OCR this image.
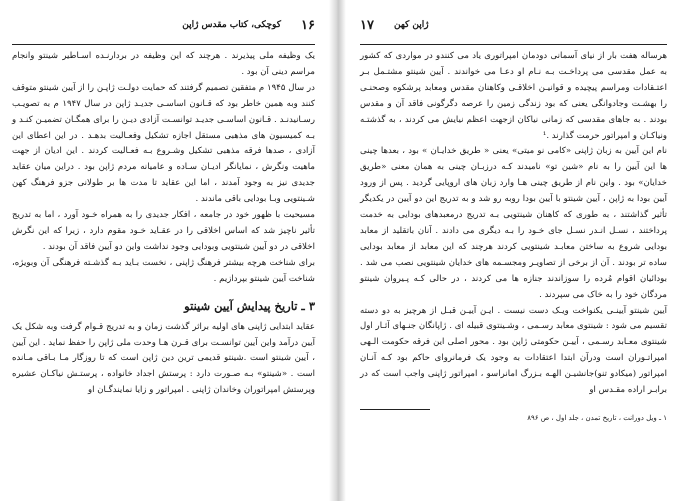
۱۶
کوچکی، کتاب مقدس ژاپن

یک وظیفه ملی پیذیرند . هرچند که این وظیفه در بردارنـده اسـاطیر شینتو وانجام مراسم دینی آن بود .

در سال ۱۹۴۵ م متفقین تصمیم گرفتند که حمایت دولـت ژاپـن را از آیین شینتو متوقف کنند وبه همین خاطر بود که قـانون اساسـی جدیـد ژاپن در سال ۱۹۴۷ م به تصویـب رسـانیدنـد . قـانون اساسـی جدیـد توانسـت آزادی دیـن را برای همگـان تضمیـن کنـد و بـه کمیسیون های مذهبی مستقل اجازه تشکیل وفعـالیت بدهـد . در این اعطای این آزادی ، صدها فرقه مذهبی تشکیل وشـروع بـه فعـالیت کردند . این ادیان از جهت ماهیت ونگرش ، نمایانگر ادیـان سـاده و عامیانه مردم ژاپن بود . دراین میان عقاید جدیدی نیز به وجود آمدند ، اما این عقاید تا مدت ها بر طولانی جزو فرهنگ کهن شـینتویی وبـا بودایی باقی ماندند .

مسیحیت با ظهور خود در جامعه ، افکار جدیدی را به همراه خـود آورد ، اما به تدریج تأثیر ناچیز شد که اساس اخلاقی را در عقـاید خـود مقوم دارد ، زیرا که این نگرش اخلاقی در دو آیین شینتویی وبودایی وجود نداشت واین دو آیین فاقد آن بودند .

برای شناخت هرچه بیشتر فرهنگ ژاپنی ، نخست بـاید بـه گذشـته فرهنگی آن وبویژه، شناخت آیین شینتو بپردازیم .

۳ ـ تاریخ پیدایش آیین شینتو

عقاید ابتدایی ژاپنی های اولیه براثر گذشت زمان و به تدریج قـوام گرفت وبه شکل یک آیین درآمد واین آیین توانسـت برای قـرن هـا وحدت ملی ژاپن را حفظ نماید . این آیین ، آیین شینتو است .شینتو قدیمی ترین دین ژاپن است که تا روزگار مـا بـاقی مـانده است . «شینتو» بـه صـورت دارد : پرستش اجداد خانواده ، پرستـش نیاکـان عشیره وپرستش امپراتوران وخاندان ژاپنی . امپراتور و زایا نمایندگـان او

۱۷ ژاپن کهن

هرساله هفت بار از نیای آسمانی دودمان امپراتوری یاد می کنندو در مواردی که کشور به عمل مقدسی می پرداخـت بـه نـام او دعـا می خواندند . آیین شینتو مشتـمل بـر اعتـقادات ومراسم پیچیده و قوانیـن اخلاقـی وکاهنان مقدس ومعابد پرشکوه وصحنـی را بهشـت وجادوانگی یعنی که بود زندگی زمین را عرصه دگرگونی فاقد آن و مقدس بودند . به جاهای مقدسی که زمانی نیاکان ازجهت اعظم نیایش می کردند ، به گذشتـه ونیاکـان و امپراتور حرمت گذارند .¹

نام این آیین به زبان ژاپنی «کامی نو میتی» یعنی « طریق خدایـان » بود ، بعدها چینی ها این آیین را به نام «شین تو» نامیدند کـه درزبـان چینی به همان معنی «طریق خدایان» بود . واین نام از طریق چینی هـا وارد زبان های اروپایی گردید . پس از ورود آیین بودا به ژاپن ، آیین شینتو با آیین بودا روبه رو شد و به تدریج این دو آیین در یکدیگر تأثیر گذاشتند ، به طوری که کاهنان شینتویی بـه تدریج درمعبدهای بودایی به خدمت پرداختند ، نسـل انـدر نسـل جای خـود را بـه دیگری می دادند . آنان باتقلید از معابد بودایی شروع به ساختن معابـد شینتویی کردند هرچند که این معابد از معابد بودایی ساده تر بودند . آن از برخی از تصاویـر ومجسـمه های خدایان شینتویی نصب می شد . بودائیان اقوام مُرده را سوزاندند جنازه ها می کردند ، در حالی کـه پـیروان شینتو مردگان خود را به خاک می سپردند .

آیین شینتو آیینـی یکنواخت ویـک دست نیست . ایـن آییـن قبـل از هرچیز به دو دسته تقسیم می شود : شینتوی معابد رسـمی ، وشـینتوی قبیله ای . ژاپانگان جنـهای آثـار اول شینتوی معـابد رسـمی ، آییـن حکومتی ژاپن بود . محور اصلی این فرقه حکومت الـهی امپراتـوران است ودرآن ابتدا اعتقادات به وجود یک فرمانروای حاکم بود کـه آنـان امپراتور (میکادو تنو)جانشیـن الهـه بـزرگ امانراسو ، امپراتور ژاپنی واجب است که در برابـر اراده مقـدس او

۱ ـ ویل دورانت ، تاریخ تمدن ، جلد اول ، ص ۸۹۶
